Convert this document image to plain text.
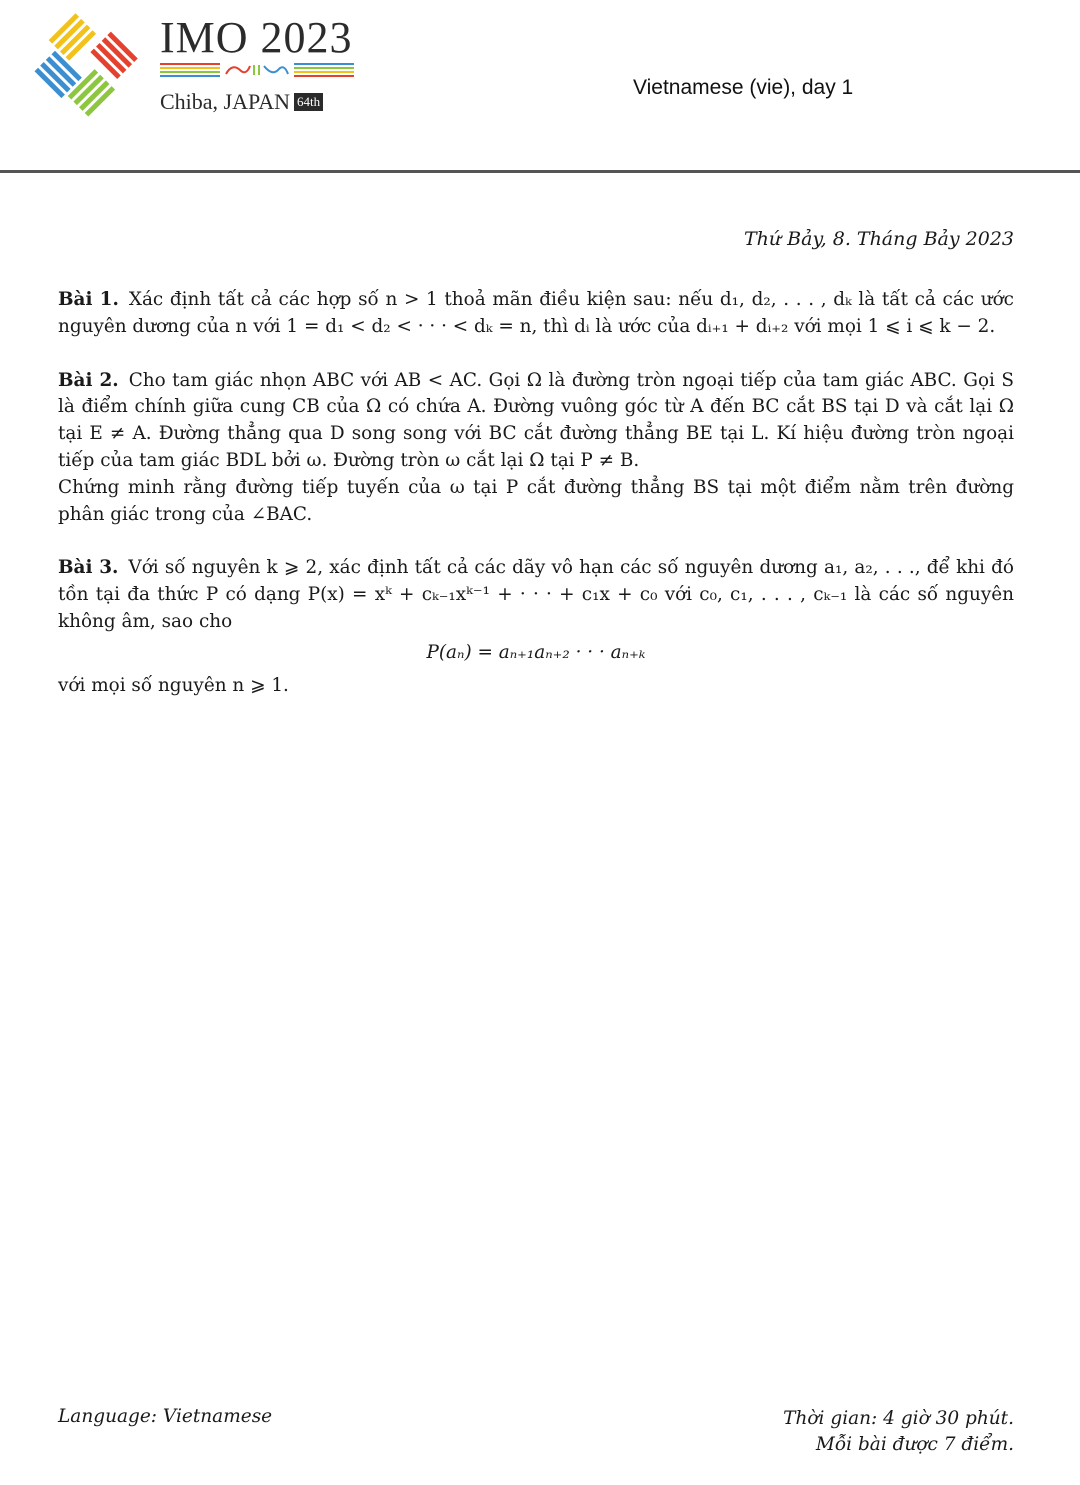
IMO 2023
Chiba, JAPAN 64th
Vietnamese (vie), day 1
Thứ Bảy, 8. Tháng Bảy 2023

Bài 1. Xác định tất cả các hợp số n > 1 thoả mãn điều kiện sau: nếu d₁, d₂, . . . , dₖ là tất cả các ước nguyên dương của n với 1 = d₁ < d₂ < · · · < dₖ = n, thì dᵢ là ước của dᵢ₊₁ + dᵢ₊₂ với mọi 1 ⩽ i ⩽ k − 2.

Bài 2. Cho tam giác nhọn ABC với AB < AC. Gọi Ω là đường tròn ngoại tiếp của tam giác ABC. Gọi S là điểm chính giữa cung CB của Ω có chứa A. Đường vuông góc từ A đến BC cắt BS tại D và cắt lại Ω tại E ≠ A. Đường thẳng qua D song song với BC cắt đường thẳng BE tại L. Kí hiệu đường tròn ngoại tiếp của tam giác BDL bởi ω. Đường tròn ω cắt lại Ω tại P ≠ B.

Chứng minh rằng đường tiếp tuyến của ω tại P cắt đường thẳng BS tại một điểm nằm trên đường phân giác trong của ∠BAC.

Bài 3. Với số nguyên k ⩾ 2, xác định tất cả các dãy vô hạn các số nguyên dương a₁, a₂, . . ., để khi đó tồn tại đa thức P có dạng P(x) = xᵏ + cₖ₋₁xᵏ⁻¹ + · · · + c₁x + c₀ với c₀, c₁, . . . , cₖ₋₁ là các số nguyên không âm, sao cho

P(aₙ) = aₙ₊₁aₙ₊₂ · · · aₙ₊ₖ

với mọi số nguyên n ⩾ 1.

Language: Vietnamese	Thời gian: 4 giờ 30 phút.
Mỗi bài được 7 điểm.
